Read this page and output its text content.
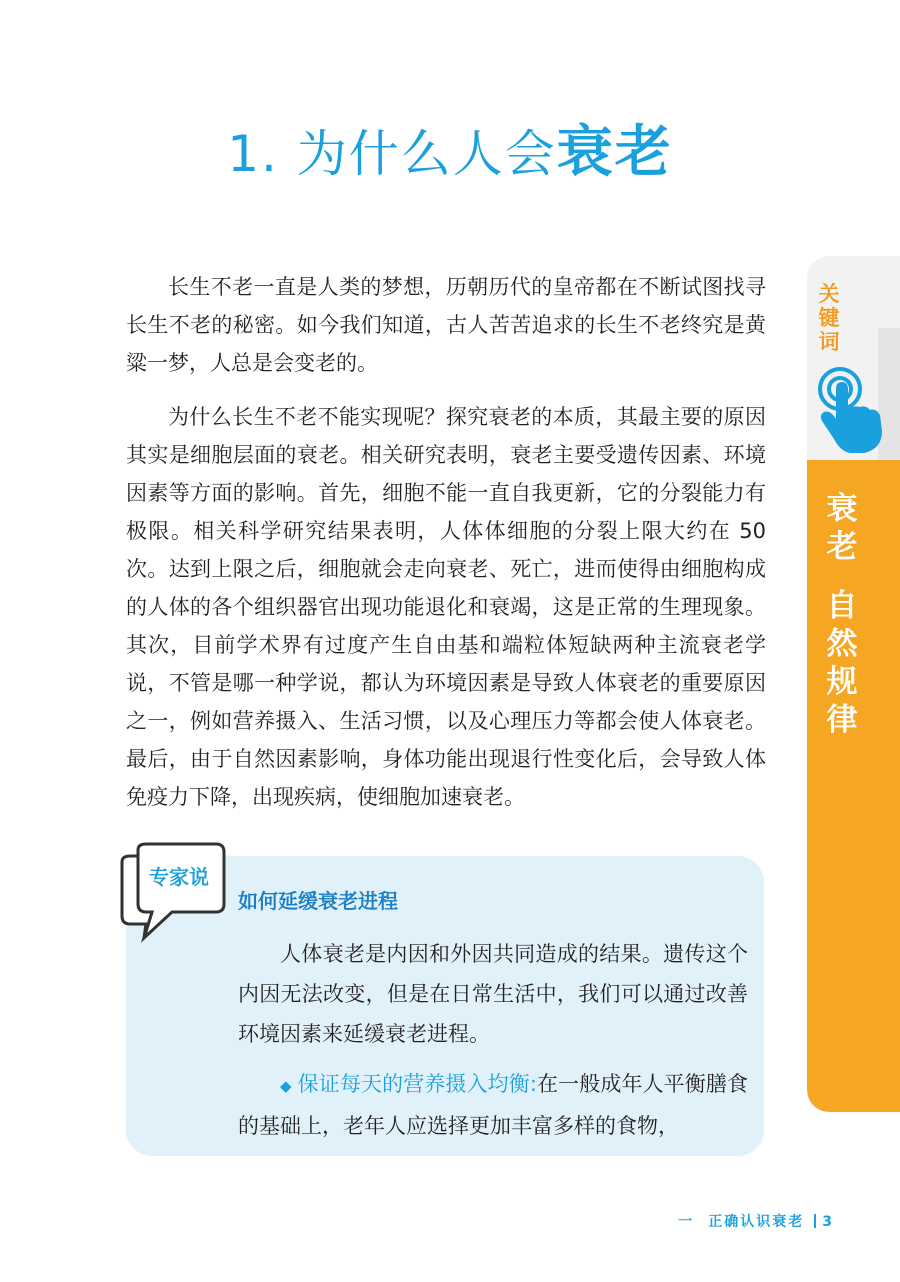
1. 为什么人会衰老

长生不老一直是人类的梦想，历朝历代的皇帝都在不断试图找寻长生不老的秘密。如今我们知道，古人苦苦追求的长生不老终究是黄粱一梦，人总是会变老的。

为什么长生不老不能实现呢？探究衰老的本质，其最主要的原因其实是细胞层面的衰老。相关研究表明，衰老主要受遗传因素、环境因素等方面的影响。首先，细胞不能一直自我更新，它的分裂能力有极限。相关科学研究结果表明，人体体细胞的分裂上限大约在 50 次。达到上限之后，细胞就会走向衰老、死亡，进而使得由细胞构成的人体的各个组织器官出现功能退化和衰竭，这是正常的生理现象。其次，目前学术界有过度产生自由基和端粒体短缺两种主流衰老学说，不管是哪一种学说，都认为环境因素是导致人体衰老的重要原因之一，例如营养摄入、生活习惯，以及心理压力等都会使人体衰老。最后，由于自然因素影响，身体功能出现退行性变化后，会导致人体免疫力下降，出现疾病，使细胞加速衰老。

关键词
衰老
自然规律
专家说
如何延缓衰老进程

人体衰老是内因和外因共同造成的结果。遗传这个内因无法改变，但是在日常生活中，我们可以通过改善环境因素来延缓衰老进程。

◆ 保证每天的营养摄入均衡:在一般成年人平衡膳食的基础上，老年人应选择更加丰富多样的食物，

一 正确认识衰老 3
